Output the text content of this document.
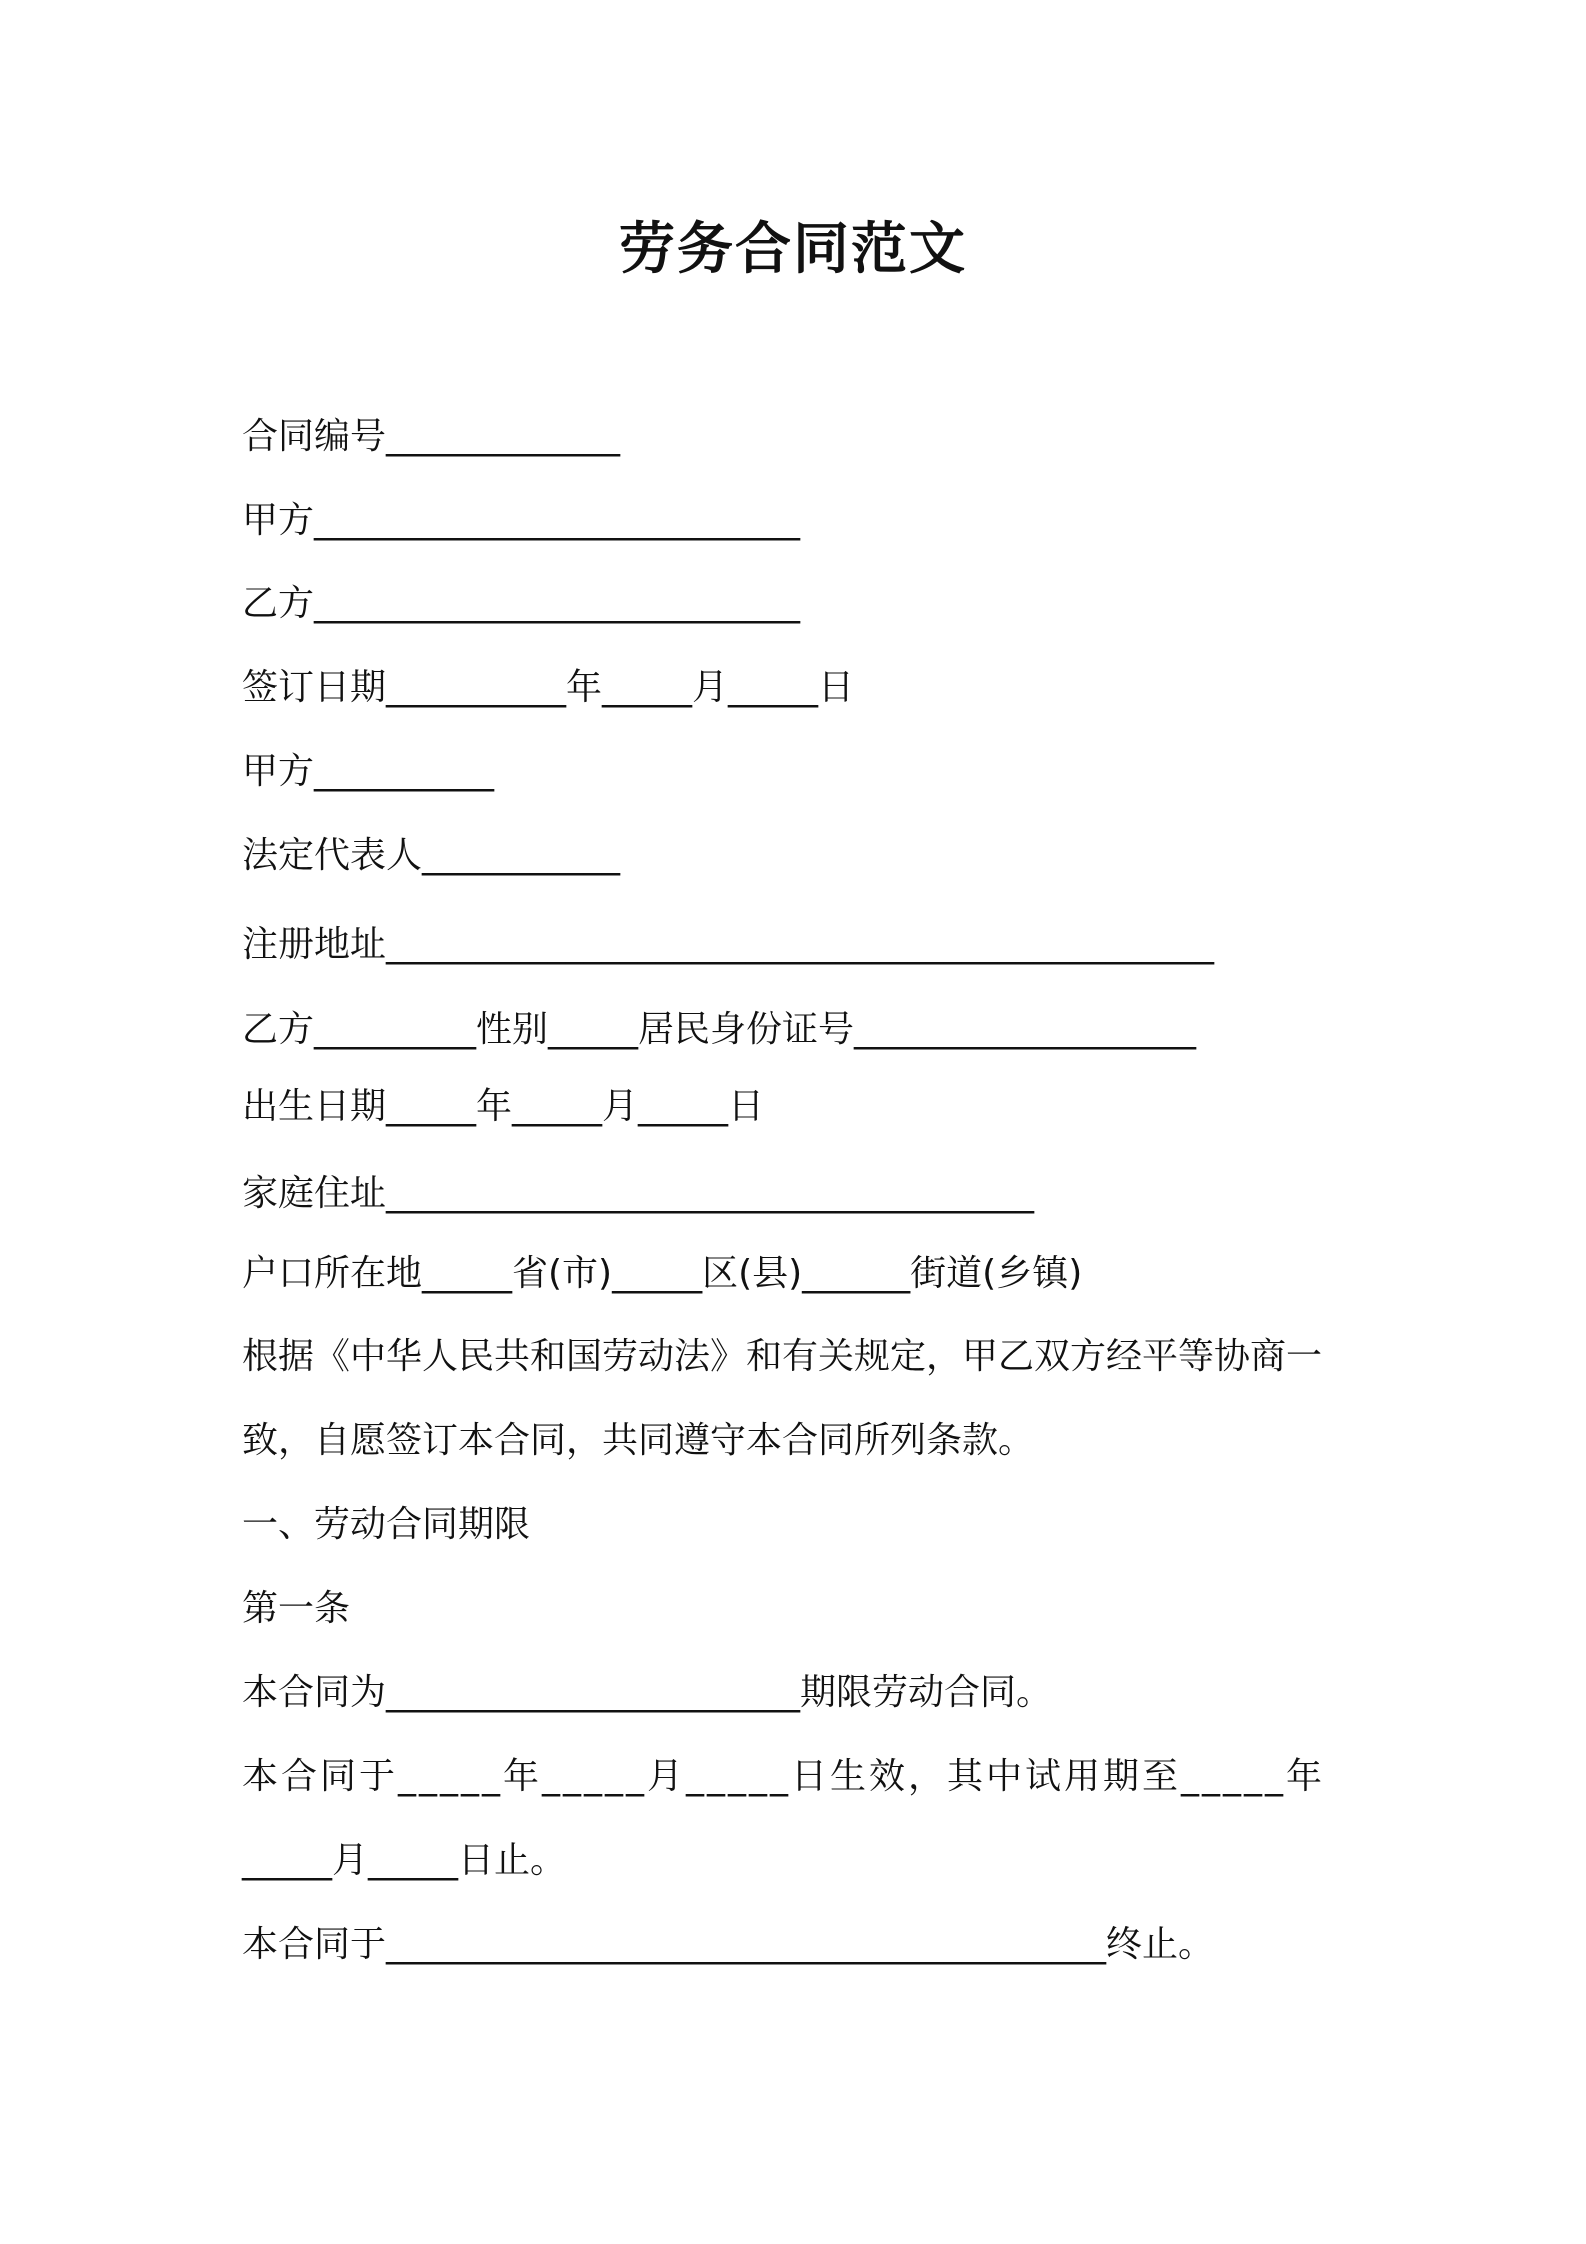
劳务合同范文
合同编号_____________
甲方___________________________
乙方___________________________
签订日期__________年_____月_____日
甲方__________
法定代表人___________
注册地址______________________________________________
乙方_________性别_____居民身份证号___________________
出生日期_____年_____月_____日
家庭住址____________________________________
户口所在地_____省(市)_____区(县)______街道(乡镇)
根据《中华人民共和国劳动法》和有关规定，甲乙双方经平等协商一
致，自愿签订本合同，共同遵守本合同所列条款。
一、劳动合同期限
第一条
本合同为_______________________期限劳动合同。
本合同于_____年_____月_____日生效，其中试用期至_____年
_____月_____日止。
本合同于________________________________________终止。
